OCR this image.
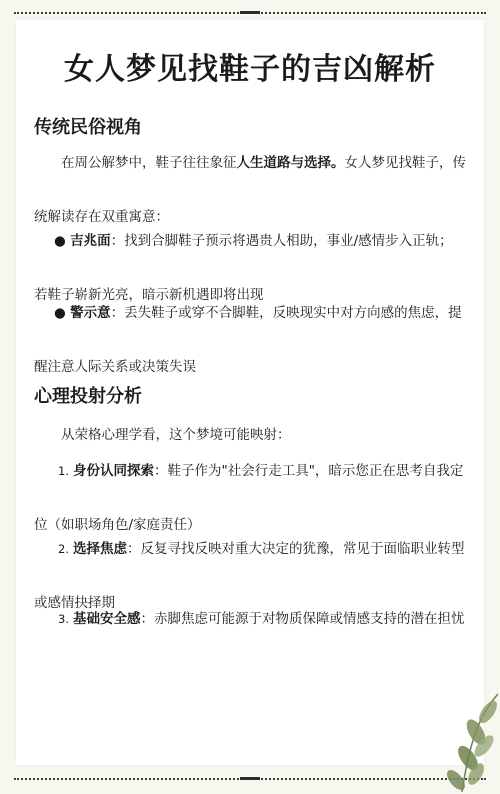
女人梦见找鞋子的吉凶解析
传统民俗视角

在周公解梦中，鞋子往往象征人生道路与选择。女人梦见找鞋子，传统解读存在双重寓意：

● 吉兆面：找到合脚鞋子预示将遇贵人相助，事业/感情步入正轨；若鞋子崭新光亮，暗示新机遇即将出现

● 警示意：丢失鞋子或穿不合脚鞋，反映现实中对方向感的焦虑，提醒注意人际关系或决策失误

心理投射分析

从荣格心理学看，这个梦境可能映射：

1. 身份认同探索：鞋子作为"社会行走工具"，暗示您正在思考自我定位（如职场角色/家庭责任）

2. 选择焦虑：反复寻找反映对重大决定的犹豫，常见于面临职业转型或感情抉择期

3. 基础安全感：赤脚焦虑可能源于对物质保障或情感支持的潜在担忧
